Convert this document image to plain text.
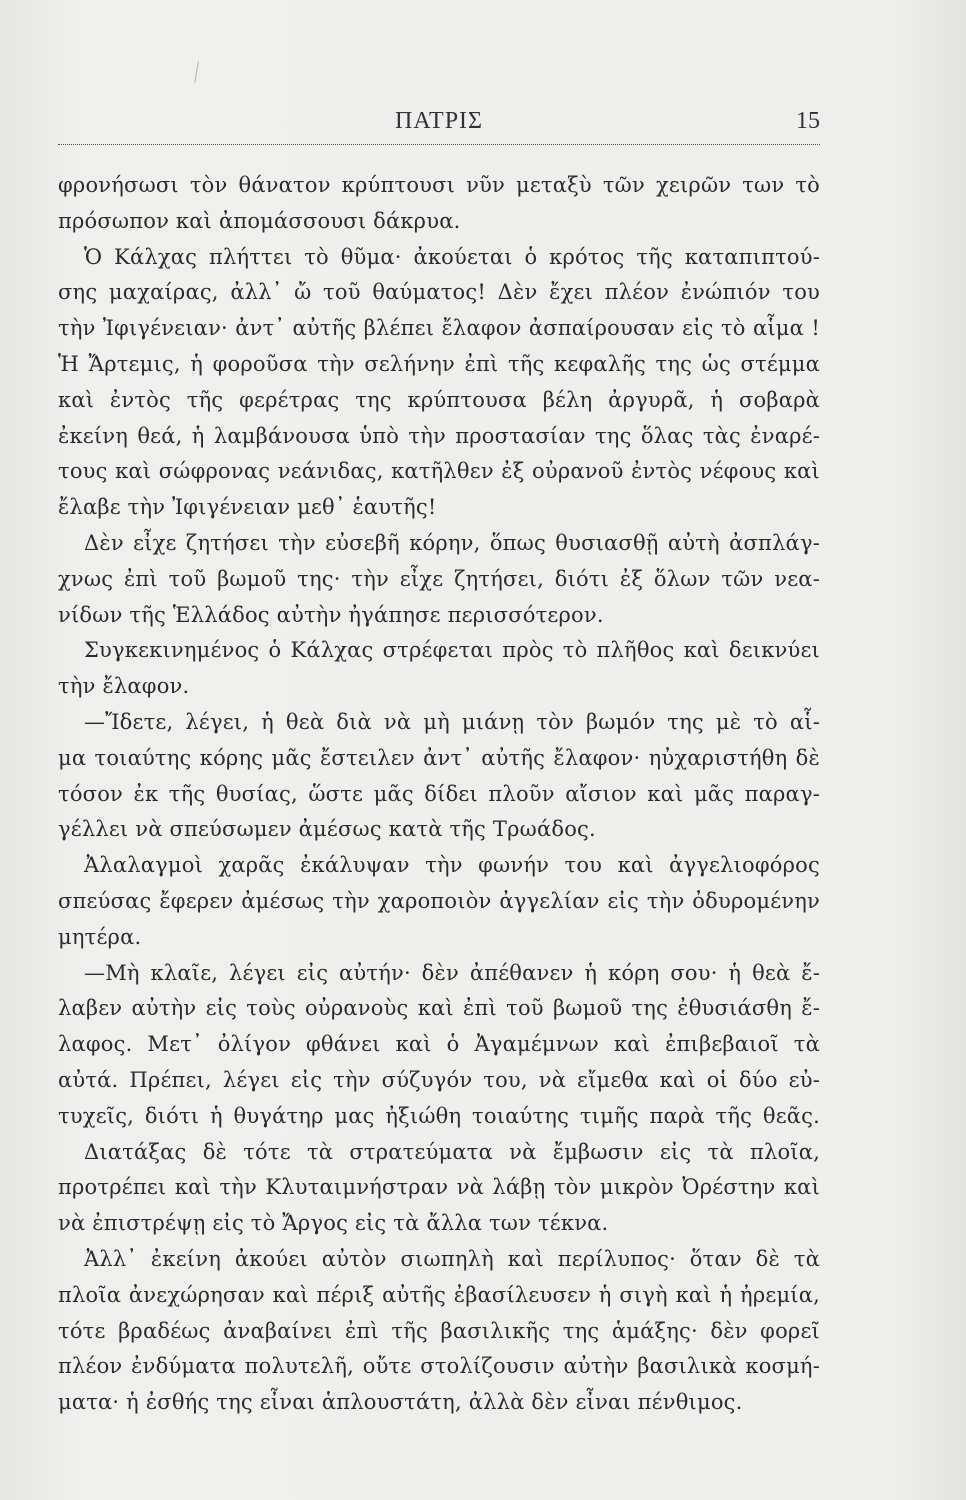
ΠΑΤΡΙΣ	15
φρονήσωσι τὸν θάνατον κρύπτουσι νῦν μεταξὺ τῶν χειρῶν των τὸ
πρόσωπον καὶ ἀπομάσσουσι δάκρυα.
Ὁ Κάλχας πλήττει τὸ θῦμα· ἀκούεται ὁ κρότος τῆς καταπιπτού-
σης μαχαίρας, ἀλλ᾽ ὤ τοῦ θαύματος! Δὲν ἔχει πλέον ἐνώπιόν του
τὴν Ἰφιγένειαν· ἀντ᾽ αὐτῆς βλέπει ἔλαφον ἀσπαίρουσαν εἰς τὸ αἷμα !
Ἡ Ἄρτεμις, ἡ φοροῦσα τὴν σελήνην ἐπὶ τῆς κεφαλῆς της ὡς στέμμα
καὶ ἐντὸς τῆς φερέτρας της κρύπτουσα βέλη ἀργυρᾶ, ἡ σοβαρὰ
ἐκείνη θεά, ἡ λαμβάνουσα ὑπὸ τὴν προστασίαν της ὅλας τὰς ἐναρέ-
τους καὶ σώφρονας νεάνιδας, κατῆλθεν ἐξ οὐρανοῦ ἐντὸς νέφους καὶ
ἔλαβε τὴν Ἰφιγένειαν μεθ᾽ ἑαυτῆς!
Δὲν εἶχε ζητήσει τὴν εὐσεβῆ κόρην, ὅπως θυσιασθῇ αὐτὴ ἀσπλάγ-
χνως ἐπὶ τοῦ βωμοῦ της· τὴν εἶχε ζητήσει, διότι ἐξ ὅλων τῶν νεα-
νίδων τῆς Ἑλλάδος αὐτὴν ἠγάπησε περισσότερον.
Συγκεκινημένος ὁ Κάλχας στρέφεται πρὸς τὸ πλῆθος καὶ δεικνύει
τὴν ἔλαφον.
—Ἴδετε, λέγει, ἡ θεὰ διὰ νὰ μὴ μιάνῃ τὸν βωμόν της μὲ τὸ αἷ-
μα τοιαύτης κόρης μᾶς ἔστειλεν ἀντ᾽ αὐτῆς ἔλαφον· ηὐχαριστήθη δὲ
τόσον ἐκ τῆς θυσίας, ὥστε μᾶς δίδει πλοῦν αἴσιον καὶ μᾶς παραγ-
γέλλει νὰ σπεύσωμεν ἀμέσως κατὰ τῆς Τρωάδος.
Ἀλαλαγμοὶ χαρᾶς ἐκάλυψαν τὴν φωνήν του καὶ ἀγγελιοφόρος
σπεύσας ἔφερεν ἀμέσως τὴν χαροποιὸν ἀγγελίαν εἰς τὴν ὀδυρομένην
μητέρα.
—Μὴ κλαῖε, λέγει εἰς αὐτήν· δὲν ἀπέθανεν ἡ κόρη σου· ἡ θεὰ ἔ-
λαβεν αὐτὴν εἰς τοὺς οὐρανοὺς καὶ ἐπὶ τοῦ βωμοῦ της ἐθυσιάσθη ἔ-
λαφος. Μετ᾽ ὀλίγον φθάνει καὶ ὁ Ἀγαμέμνων καὶ ἐπιβεβαιοῖ τὰ
αὐτά. Πρέπει, λέγει εἰς τὴν σύζυγόν του, νὰ εἴμεθα καὶ οἱ δύο εὐ-
τυχεῖς, διότι ἡ θυγάτηρ μας ἠξιώθη τοιαύτης τιμῆς παρὰ τῆς θεᾶς.
Διατάξας δὲ τότε τὰ στρατεύματα νὰ ἔμβωσιν εἰς τὰ πλοῖα,
προτρέπει καὶ τὴν Κλυταιμνήστραν νὰ λάβῃ τὸν μικρὸν Ὀρέστην καὶ
νὰ ἐπιστρέψῃ εἰς τὸ Ἄργος εἰς τὰ ἄλλα των τέκνα.
Ἀλλ᾽ ἐκείνη ἀκούει αὐτὸν σιωπηλὴ καὶ περίλυπος· ὅταν δὲ τὰ
πλοῖα ἀνεχώρησαν καὶ πέριξ αὐτῆς ἐβασίλευσεν ἡ σιγὴ καὶ ἡ ἠρεμία,
τότε βραδέως ἀναβαίνει ἐπὶ τῆς βασιλικῆς της ἁμάξης· δὲν φορεῖ
πλέον ἐνδύματα πολυτελῆ, οὔτε στολίζουσιν αὐτὴν βασιλικὰ κοσμή-
ματα· ἡ ἐσθής της εἶναι ἁπλουστάτη, ἀλλὰ δὲν εἶναι πένθιμος.
